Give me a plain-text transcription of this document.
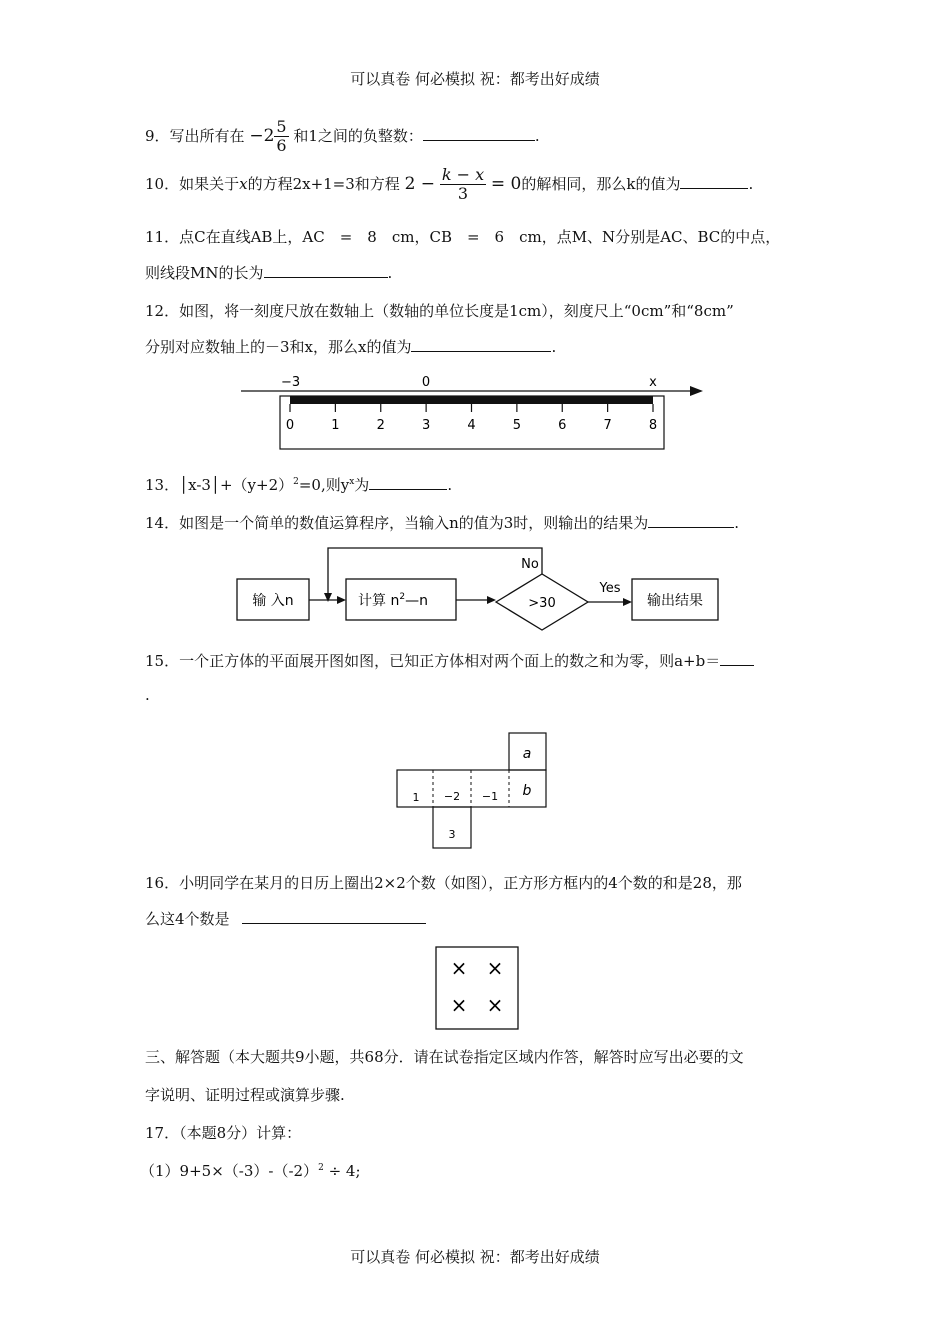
可以真卷 何必模拟 祝：都考出好成绩
9．写出所有在 $-2 \frac{5}{6}$ 和1之间的负整数：	.
10．如果关于x的方程2x+1=3和方程 $2 - \frac{k - x}{3} = 0$的解相同，那么k的值为	.
11．点C在直线AB上，AC　=　8　cm，CB　=　6　cm，点M、N分别是AC、BC的中点，
则线段MN的长为	.
12．如图，将一刻度尺放在数轴上（数轴的单位长度是1cm），刻度尺上“0cm”和“8cm”
分别对应数轴上的－3和x，那么x的值为	.
−3	0	x
0	1	2	3	4	5	6	7	8
13．$│x-3│+(y+2)^2=0$,则$y^x$为	.
14．如图是一个简单的数值运算程序，当输入n的值为3时，则输出的结果为	.
输 入n	计算 $n^2—n$	>30
No
Yes
输出结果
15．一个正方体的平面展开图如图，已知正方体相对两个面上的数之和为零，则a+b＝
.
a
1 −2 −1 b
3
16．小明同学在某月的日历上圈出2×2个数（如图），正方形方框内的4个数的和是28，那
么这4个数是
× ×
× ×
三、解答题（本大题共9小题，共68分．请在试卷指定区域内作答，解答时应写出必要的文
字说明、证明过程或演算步骤.
17．（本题8分）计算：
$(1)9+5\times(-3)-(-2)^2 \div 4$;
可以真卷 何必模拟 祝：都考出好成绩
